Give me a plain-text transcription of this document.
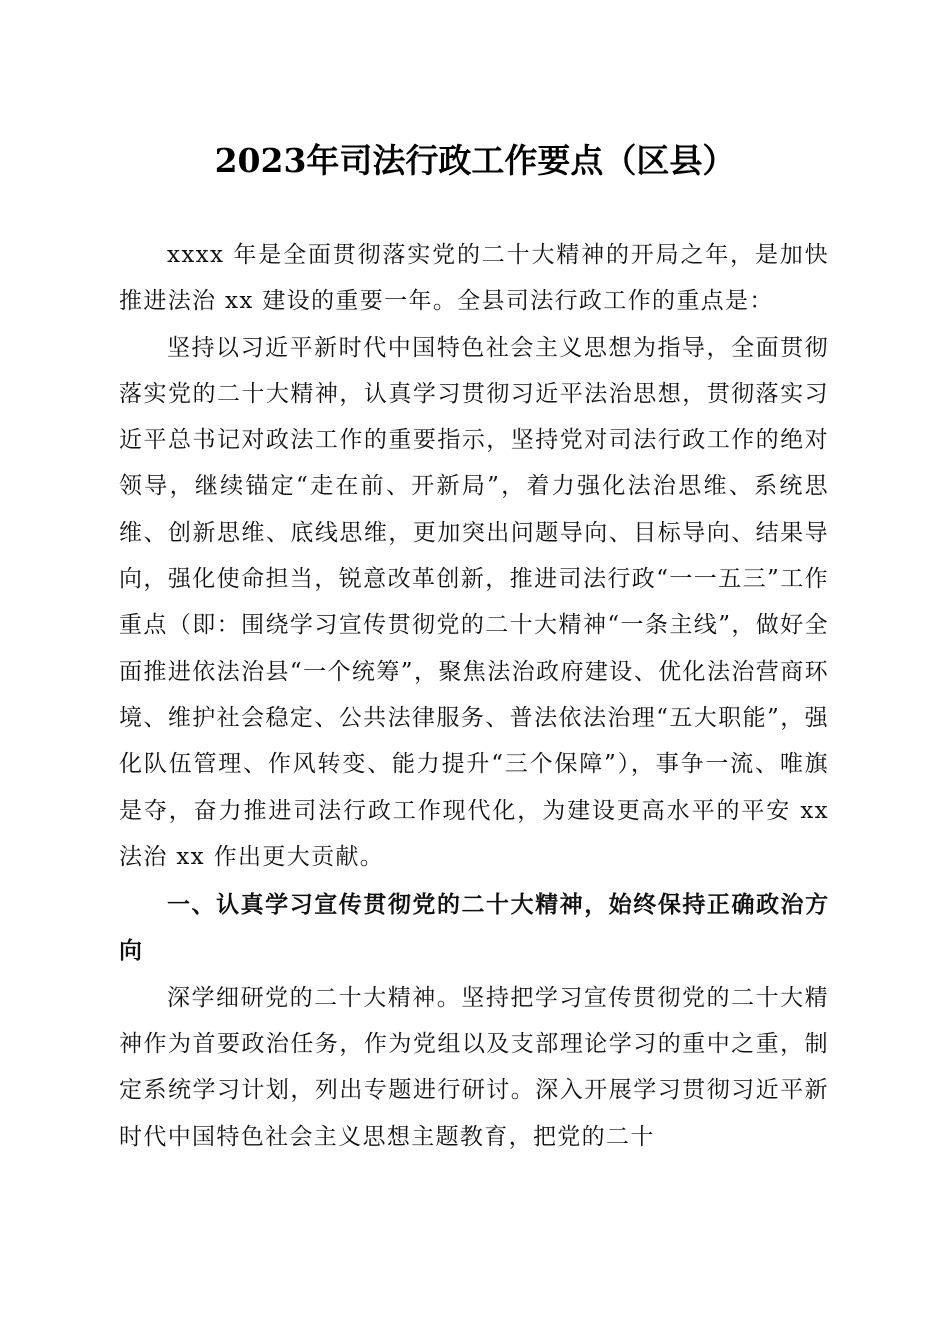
2023年司法行政工作要点（区县）

xxxx 年是全面贯彻落实党的二十大精神的开局之年，是加快推进法治 xx 建设的重要一年。全县司法行政工作的重点是：

坚持以习近平新时代中国特色社会主义思想为指导，全面贯彻落实党的二十大精神，认真学习贯彻习近平法治思想，贯彻落实习近平总书记对政法工作的重要指示，坚持党对司法行政工作的绝对领导，继续锚定“走在前、开新局”，着力强化法治思维、系统思维、创新思维、底线思维，更加突出问题导向、目标导向、结果导向，强化使命担当，锐意改革创新，推进司法行政“一一五三”工作重点（即：围绕学习宣传贯彻党的二十大精神“一条主线”，做好全面推进依法治县“一个统筹”，聚焦法治政府建设、优化法治营商环境、维护社会稳定、公共法律服务、普法依法治理“五大职能”，强化队伍管理、作风转变、能力提升“三个保障”），事争一流、唯旗是夺，奋力推进司法行政工作现代化，为建设更高水平的平安 xx 法治 xx 作出更大贡献。

一、认真学习宣传贯彻党的二十大精神，始终保持正确政治方向

深学细研党的二十大精神。坚持把学习宣传贯彻党的二十大精神作为首要政治任务，作为党组以及支部理论学习的重中之重，制定系统学习计划，列出专题进行研讨。深入开展学习贯彻习近平新时代中国特色社会主义思想主题教育，把党的二十
